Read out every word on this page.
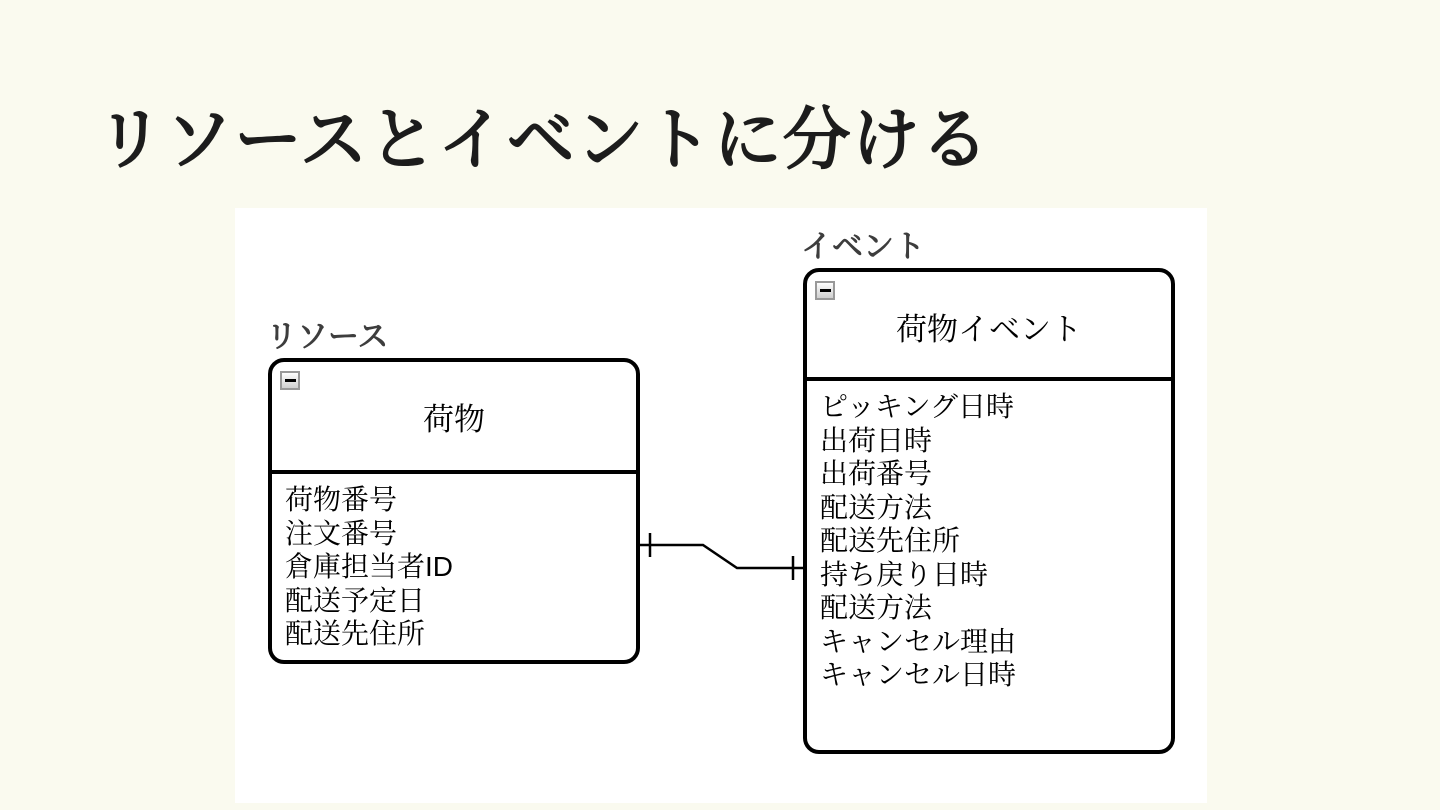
リソースとイベントに分ける
リソース
荷物
荷物番号
注文番号
倉庫担当者ID
配送予定日
配送先住所
イベント
荷物イベント
ピッキング日時
出荷日時
出荷番号
配送方法
配送先住所
持ち戻り日時
配送方法
キャンセル理由
キャンセル日時
